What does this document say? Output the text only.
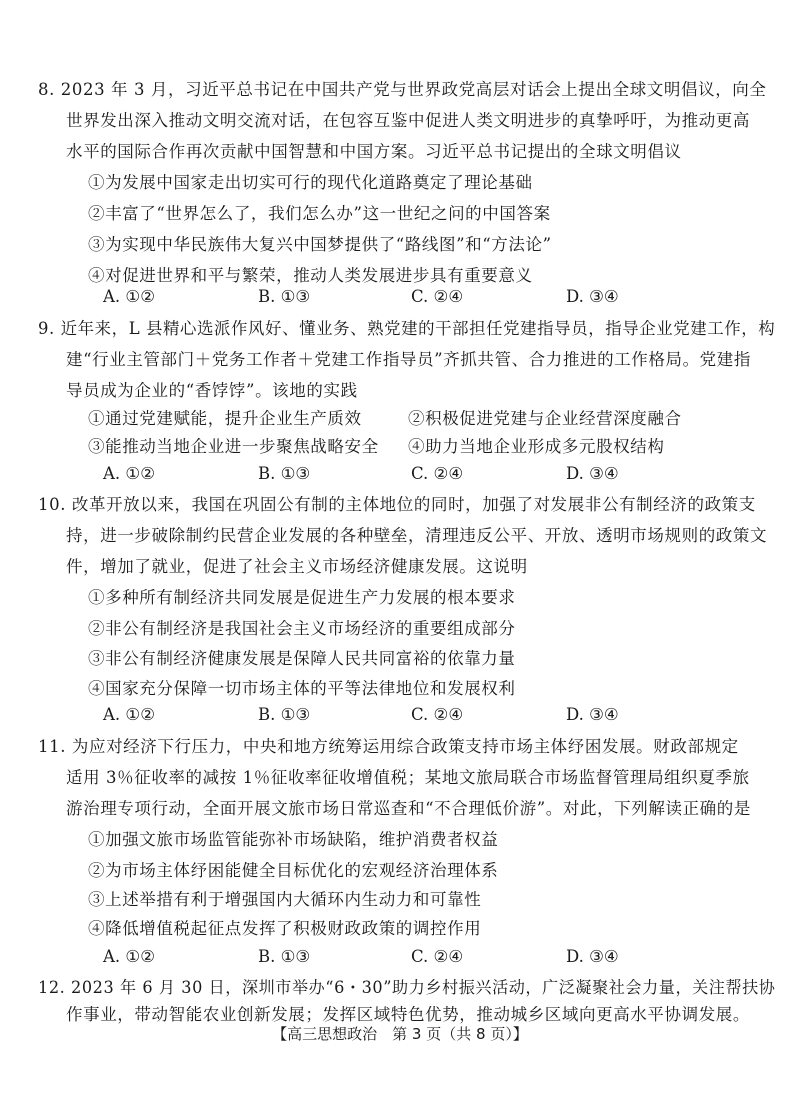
8. 2023 年 3 月，习近平总书记在中国共产党与世界政党高层对话会上提出全球文明倡议，向全
世界发出深入推动文明交流对话，在包容互鉴中促进人类文明进步的真挚呼吁，为推动更高
水平的国际合作再次贡献中国智慧和中国方案。习近平总书记提出的全球文明倡议
①为发展中国家走出切实可行的现代化道路奠定了理论基础
②丰富了“世界怎么了，我们怎么办”这一世纪之问的中国答案
③为实现中华民族伟大复兴中国梦提供了“路线图”和“方法论”
④对促进世界和平与繁荣，推动人类发展进步具有重要意义
A. ①②	B. ①③	C. ②④	D. ③④
9. 近年来，L 县精心选派作风好、懂业务、熟党建的干部担任党建指导员，指导企业党建工作，构
建“行业主管部门＋党务工作者＋党建工作指导员”齐抓共管、合力推进的工作格局。党建指
导员成为企业的“香饽饽”。该地的实践
①通过党建赋能，提升企业生产质效	②积极促进党建与企业经营深度融合
③能推动当地企业进一步聚焦战略安全 ④助力当地企业形成多元股权结构
A. ①②	B. ①③	C. ②④	D. ③④
10. 改革开放以来，我国在巩固公有制的主体地位的同时，加强了对发展非公有制经济的政策支
持，进一步破除制约民营企业发展的各种壁垒，清理违反公平、开放、透明市场规则的政策文
件，增加了就业，促进了社会主义市场经济健康发展。这说明
①多种所有制经济共同发展是促进生产力发展的根本要求
②非公有制经济是我国社会主义市场经济的重要组成部分
③非公有制经济健康发展是保障人民共同富裕的依靠力量
④国家充分保障一切市场主体的平等法律地位和发展权利
A. ①②	B. ①③	C. ②④	D. ③④
11. 为应对经济下行压力，中央和地方统筹运用综合政策支持市场主体纾困发展。财政部规定
适用 3％征收率的减按 1％征收率征收增值税；某地文旅局联合市场监督管理局组织夏季旅
游治理专项行动，全面开展文旅市场日常巡查和“不合理低价游”。对此，下列解读正确的是
①加强文旅市场监管能弥补市场缺陷，维护消费者权益
②为市场主体纾困能健全目标优化的宏观经济治理体系
③上述举措有利于增强国内大循环内生动力和可靠性
④降低增值税起征点发挥了积极财政政策的调控作用
A. ①②	B. ①③	C. ②④	D. ③④
12. 2023 年 6 月 30 日，深圳市举办“6・30”助力乡村振兴活动，广泛凝聚社会力量，关注帮扶协
作事业，带动智能农业创新发展；发挥区域特色优势，推动城乡区域向更高水平协调发展。
【高三思想政治　第 3 页（共 8 页）】
